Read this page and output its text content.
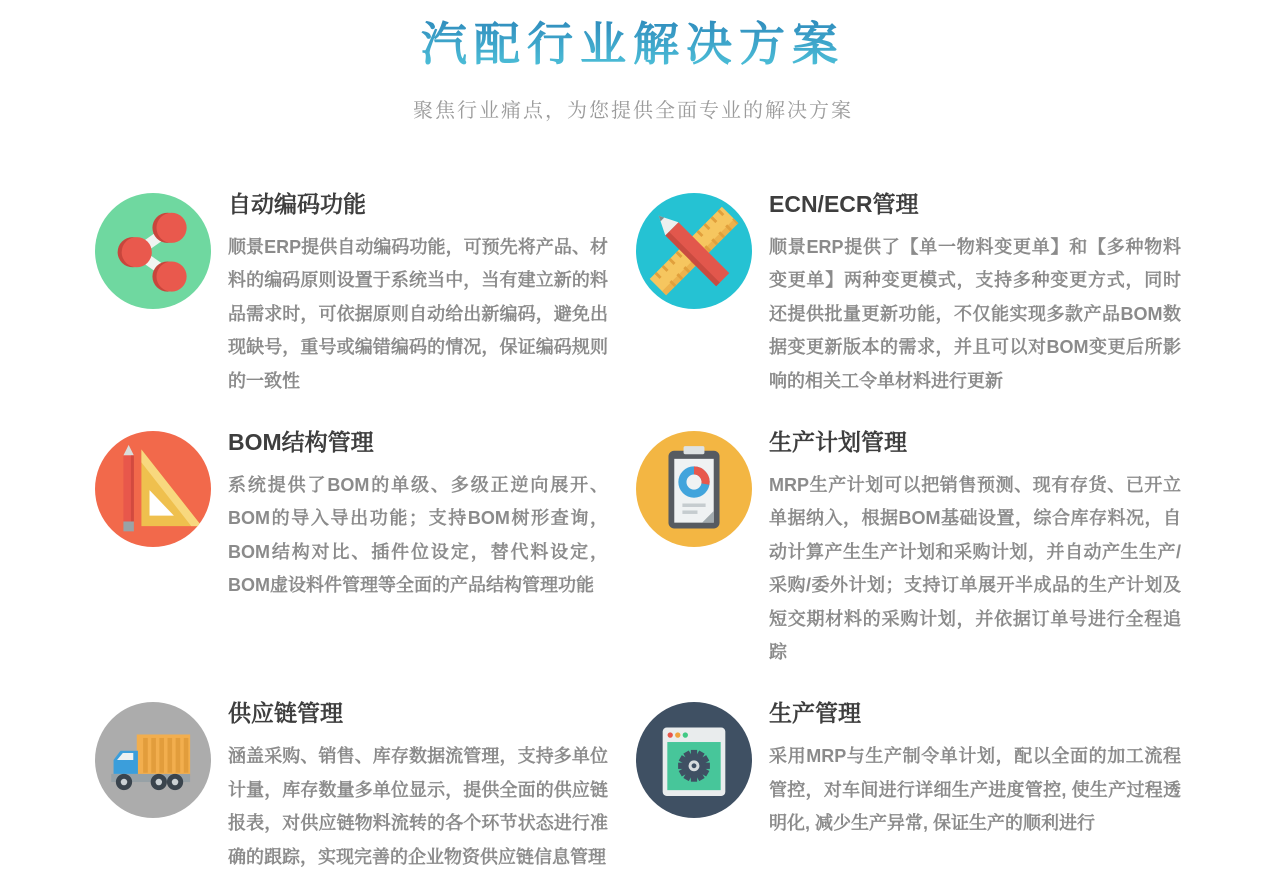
汽配行业解决方案

聚焦行业痛点，为您提供全面专业的解决方案

自动编码功能

顺景ERP提供自动编码功能，可预先将产品、材料的编码原则设置于系统当中，当有建立新的料品需求时，可依据原则自动给出新编码，避免出现缺号，重号或编错编码的情况，保证编码规则的一致性

ECN/ECR管理

顺景ERP提供了【单一物料变更单】和【多种物料变更单】两种变更模式，支持多种变更方式，同时还提供批量更新功能，不仅能实现多款产品BOM数据变更新版本的需求，并且可以对BOM变更后所影响的相关工令单材料进行更新

BOM结构管理

系统提供了BOM的单级、多级正逆向展开、BOM的导入导出功能；支持BOM树形查询，BOM结构对比、插件位设定，替代料设定，BOM虚设料件管理等全面的产品结构管理功能

生产计划管理

MRP生产计划可以把销售预测、现有存货、已开立单据纳入，根据BOM基础设置，综合库存料况，自动计算产生生产计划和采购计划，并自动产生生产/采购/委外计划；支持订单展开半成品的生产计划及短交期材料的采购计划，并依据订单号进行全程追踪

供应链管理

涵盖采购、销售、库存数据流管理，支持多单位计量，库存数量多单位显示，提供全面的供应链报表，对供应链物料流转的各个环节状态进行准确的跟踪，实现完善的企业物资供应链信息管理

生产管理

采用MRP与生产制令单计划，配以全面的加工流程管控，对车间进行详细生产进度管控, 使生产过程透明化, 减少生产异常, 保证生产的顺利进行
